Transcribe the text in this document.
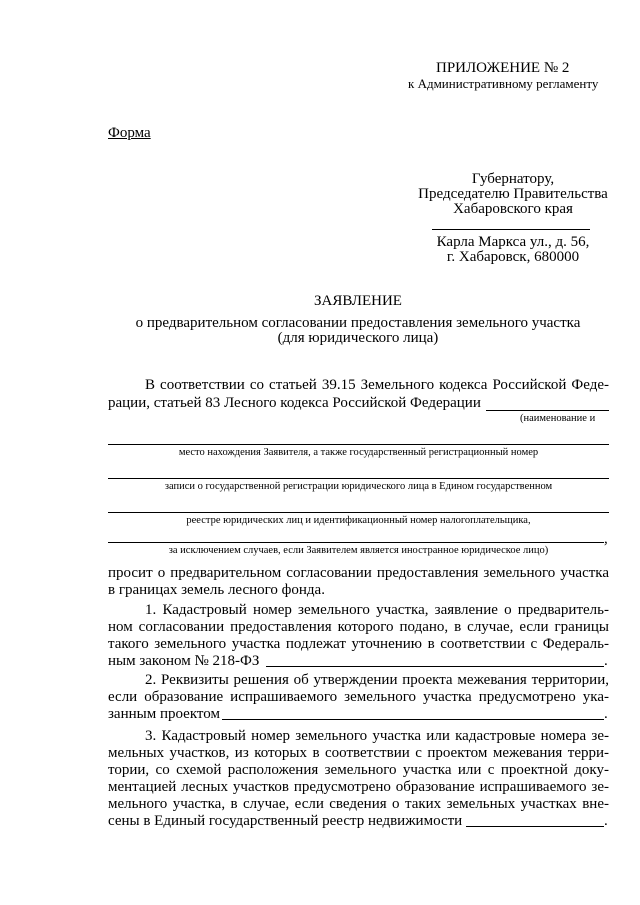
ПРИЛОЖЕНИЕ № 2
к Административному регламенту
Форма
Губернатору,
Председателю Правительства
Хабаровского края
Карла Маркса ул., д. 56,
г. Хабаровск, 680000
ЗАЯВЛЕНИЕ
о предварительном согласовании предоставления земельного участка
(для юридического лица)
В соответствии со статьей 39.15 Земельного кодекса Российской Феде-
рации, статьей 83 Лесного кодекса Российской Федерации
(наименование и
место нахождения Заявителя, а также государственный регистрационный номер
записи о государственной регистрации юридического лица в Едином государственном
реестре юридических лиц и идентификационный номер налогоплательщика,
,
за исключением случаев, если Заявителем является иностранное юридическое лицо)
просит о предварительном согласовании предоставления земельного участка
в границах земель лесного фонда.
1. Кадастровый номер земельного участка, заявление о предваритель-
ном согласовании предоставления которого подано, в случае, если границы
такого земельного участка подлежат уточнению в соответствии с Федераль-
ным законом № 218-ФЗ	.
2. Реквизиты решения об утверждении проекта межевания территории,
если образование испрашиваемого земельного участка предусмотрено ука-
занным проектом	.
3. Кадастровый номер земельного участка или кадастровые номера зе-
мельных участков, из которых в соответствии с проектом межевания терри-
тории, со схемой расположения земельного участка или с проектной доку-
ментацией лесных участков предусмотрено образование испрашиваемого зе-
мельного участка, в случае, если сведения о таких земельных участках вне-
сены в Единый государственный реестр недвижимости	.
